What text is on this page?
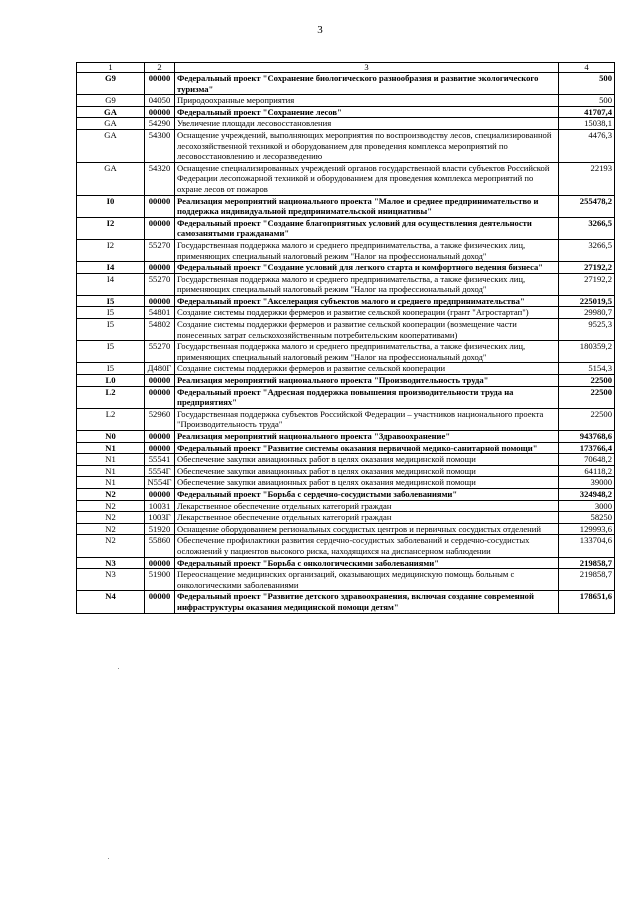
3
1	2	3	4
G9	00000	Федеральный проект "Сохранение биологического разнообразия и развитие экологического туризма"	500
G9	04050	Природоохранные мероприятия	500
GA	00000	Федеральный проект "Сохранение лесов"	41707,4
GA	54290	Увеличение площади лесовосстановления	15038,1
GA	54300	Оснащение учреждений, выполняющих мероприятия по воспроизводству лесов, специализированной лесохозяйственной техникой и оборудованием для проведения комплекса мероприятий по лесовосстановлению и лесоразведению	4476,3
GA	54320	Оснащение специализированных учреждений органов государственной власти субъектов Российской Федерации лесопожарной техникой и оборудованием для проведения комплекса мероприятий по охране лесов от пожаров	22193
I0	00000	Реализация мероприятий национального проекта "Малое и среднее предпринимательство и поддержка индивидуальной предпринимательской инициативы"	255478,2
I2	00000	Федеральный проект "Создание благоприятных условий для осуществления деятельности самозанятыми гражданами"	3266,5
I2	55270	Государственная поддержка малого и среднего предпринимательства, а также физических лиц, применяющих специальный налоговый режим "Налог на профессиональный доход"	3266,5
I4	00000	Федеральный проект "Создание условий для легкого старта и комфортного ведения бизнеса"	27192,2
I4	55270	Государственная поддержка малого и среднего предпринимательства, а также физических лиц, применяющих специальный налоговый режим "Налог на профессиональный доход"	27192,2
I5	00000	Федеральный проект "Акселерация субъектов малого и среднего предпринимательства"	225019,5
I5	54801	Создание системы поддержки фермеров и развитие сельской кооперации (грант "Агростартап")	29980,7
I5	54802	Создание системы поддержки фермеров и развитие сельской кооперации (возмещение части понесенных затрат сельскохозяйственным потребительским кооперативами)	9525,3
I5	55270	Государственная поддержка малого и среднего предпринимательства, а также физических лиц, применяющих специальный налоговый режим "Налог на профессиональный доход"	180359,2
I5	Д480Г	Создание системы поддержки фермеров и развитие сельской кооперации	5154,3
L0	00000	Реализация мероприятий национального проекта "Производительность труда"	22500
L2	00000	Федеральный проект "Адресная поддержка повышения производительности труда на предприятиях"	22500
L2	52960	Государственная поддержка субъектов Российской Федерации – участников национального проекта "Производительность труда"	22500
N0	00000	Реализация мероприятий национального проекта "Здравоохранение"	943768,6
N1	00000	Федеральный проект "Развитие системы оказания первичной медико-санитарной помощи"	173766,4
N1	55541	Обеспечение закупки авиационных работ в целях оказания медицинской помощи	70648,2
N1	5554Г	Обеспечение закупки авиационных работ в целях оказания медицинской помощи	64118,2
N1	N554Г	Обеспечение закупки авиационных работ в целях оказания медицинской помощи	39000
N2	00000	Федеральный проект "Борьба с сердечно-сосудистыми заболеваниями"	324948,2
N2	10031	Лекарственное обеспечение отдельных категорий граждан	3000
N2	1003Г	Лекарственное обеспечение отдельных категорий граждан	58250
N2	51920	Оснащение оборудованием региональных сосудистых центров и первичных сосудистых отделений	129993,6
N2	55860	Обеспечение профилактики развития сердечно-сосудистых заболеваний и сердечно-сосудистых осложнений у пациентов высокого риска, находящихся на диспансерном наблюдении	133704,6
N3	00000	Федеральный проект "Борьба с онкологическими заболеваниями"	219858,7
N3	51900	Переоснащение медицинских организаций, оказывающих медицинскую помощь больным с онкологическими заболеваниями	219858,7
N4	00000	Федеральный проект "Развитие детского здравоохранения, включая создание современной инфраструктуры оказания медицинской помощи детям"	178651,6
